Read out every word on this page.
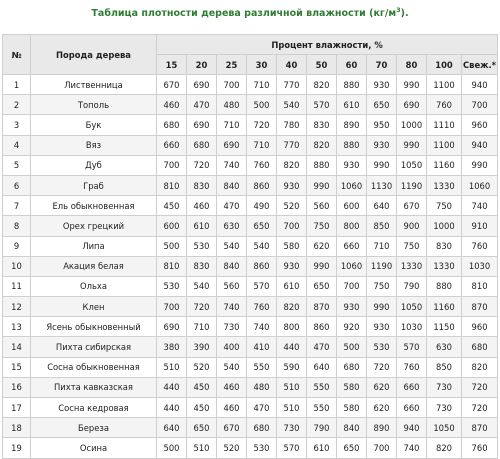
Таблица плотности дерева различной влажности $(кг/м^3)$.
№	Порода дерева	Процент влажности, %										
		15	20	25	30	40	50	60	70	80	100	Свеж.*
1	Лиственница	670	690	700	710	770	820	880	930	990	1100	940
2	Тополь	460	470	480	500	540	570	610	650	690	760	700
3	Бук	680	690	710	720	780	830	890	950	1000	1110	960
4	Вяз	660	680	690	710	770	820	880	930	990	1100	940
5	Дуб	700	720	740	760	820	880	930	990	1050	1160	990
6	Граб	810	830	840	860	930	990	1060	1130	1190	1330	1060
7	Ель обыкновенная	450	460	470	490	520	560	600	640	670	750	740
8	Орех грецкий	600	610	630	650	700	750	800	850	900	1000	910
9	Липа	500	530	540	540	580	620	660	710	750	830	760
10	Акация белая	810	830	840	860	930	990	1060	1190	1330	1330	1030
11	Ольха	530	540	560	570	610	650	700	750	790	880	810
12	Клен	700	720	740	760	820	870	930	990	1050	1160	870
13	Ясень обыкновенный	690	710	730	740	800	860	920	930	1030	1150	960
14	Пихта сибирская	380	390	400	410	440	470	500	530	570	630	680
15	Сосна обыкновенная	510	520	540	550	590	640	680	720	760	850	820
16	Пихта кавказская	440	450	460	480	510	550	580	620	660	730	720
17	Сосна кедровая	440	450	460	470	510	550	580	620	660	730	720
18	Береза	640	650	670	680	730	790	840	890	940	1050	870
19	Осина	500	510	520	530	570	610	650	700	740	820	760
